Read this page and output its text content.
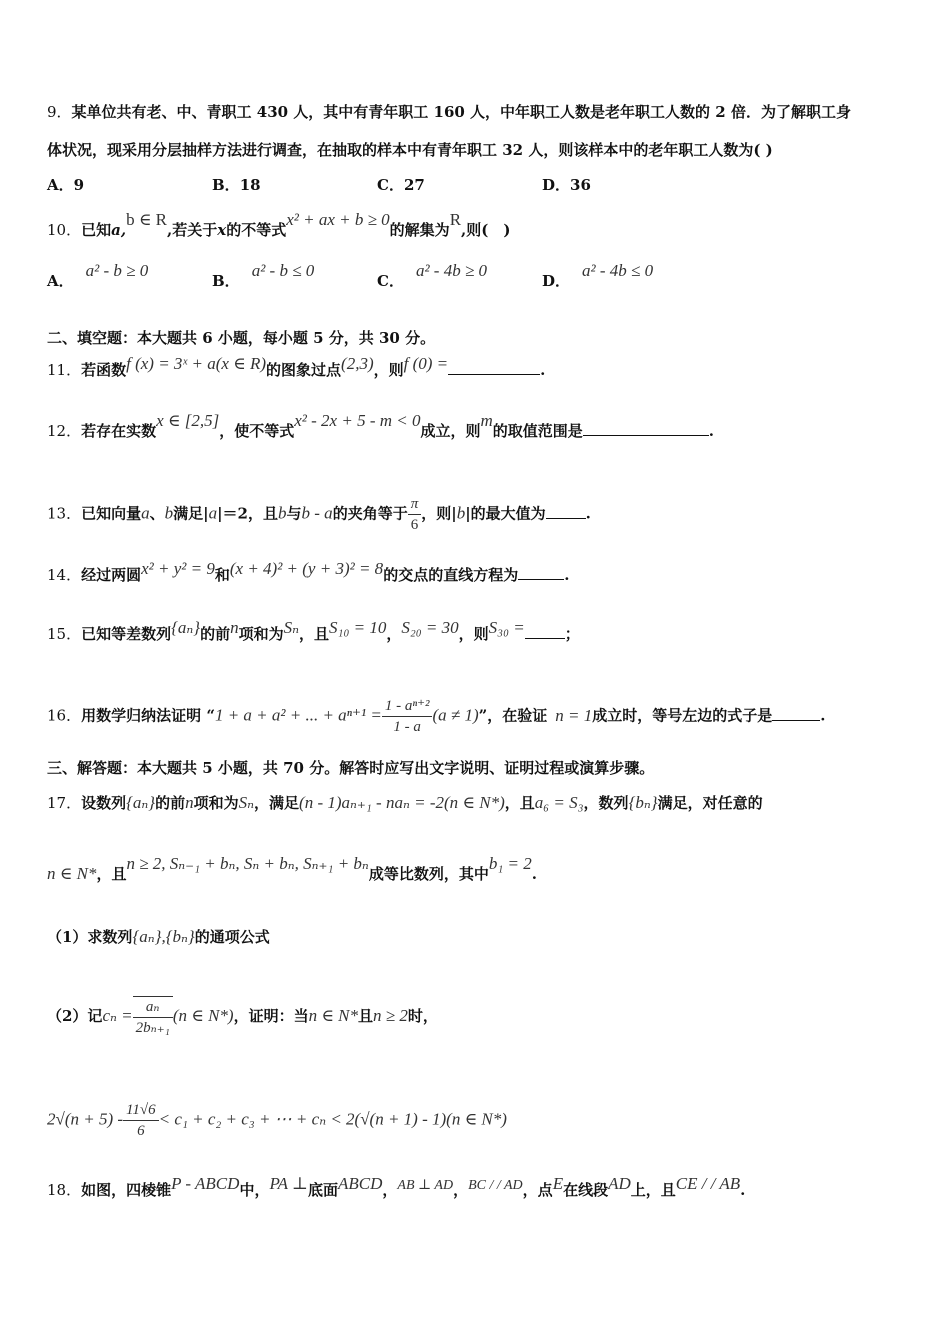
9．某单位共有老、中、青职工 430 人，其中有青年职工 160 人，中年职工人数是老年职工人数的 2 倍．为了解职工身
体状况，现采用分层抽样方法进行调查，在抽取的样本中有青年职工 32 人，则该样本中的老年职工人数为( )
A．9	B．18	C．27	D．36
10．已知a,b ∈ R,若关于x的不等式x² + ax + b ≥ 0的解集为R,则(　)
A．a² - b ≥ 0
B．a² - b ≤ 0
C．a² - 4b ≥ 0
D．a² - 4b ≤ 0
二、填空题：本大题共 6 小题，每小题 5 分，共 30 分。
11．若函数f (x) = 3ˣ + a(x ∈ R)的图象过点(2,3)，则f (0) =	.
12．若存在实数x ∈ [2,5]，使不等式x² - 2x + 5 - m < 0成立，则m的取值范围是	.
13．已知向量a、b满足|a|＝2，且b与b - a的夹角等于 $\frac{\pi}{6}$ ，则|b|的最大值为	.
14．经过两圆x² + y² = 9和(x + 4)² + (y + 3)² = 8的交点的直线方程为	.
15．已知等差数列{aₙ}的前n项和为Sₙ，且S₁₀ = 10，S₂₀ = 30，则S₃₀ =	；
16．用数学归纳法证明 “1 + a + a² + ... + $a^{n+1} = \frac{\text{1 - aⁿ⁺²}}{1 - a} (a \ne 1)$”，在验证 n = 1成立时，等号左边的式子是	.
三、解答题：本大题共 5 小题，共 70 分。解答时应写出文字说明、证明过程或演算步骤。
17．设数列{aₙ}的前n项和为Sₙ，满足(n - 1)aₙ₊₁ - naₙ = -2(n ∈ N*)，且a₆ = S₃，数列{bₙ}满足，对任意的
n ∈ N*，且n ≥ 2, Sₙ₋₁ + bₙ, Sₙ + bₙ, Sₙ₊₁ + bₙ成等比数列，其中b₁ = 2.
（1）求数列{aₙ},{bₙ}的通项公式
（2）记$c_n = \frac{\text{aₙ}}{\text{2bₙ₊₁}} (n$ ∈ N*)，证明：当n ∈ N*且n ≥ 2时，
$2√(n + 5) - \frac{11√6}{6} < c_1 + c_2 + c_3$ + ⋯ + cₙ < 2(√(n + 1) - 1)(n ∈ N*)
18．如图，四棱锥P - ABCD中，PA ⊥底面ABCD，AB ⊥ AD，BC / / AD，点E在线段AD上，且CE / / AB.
